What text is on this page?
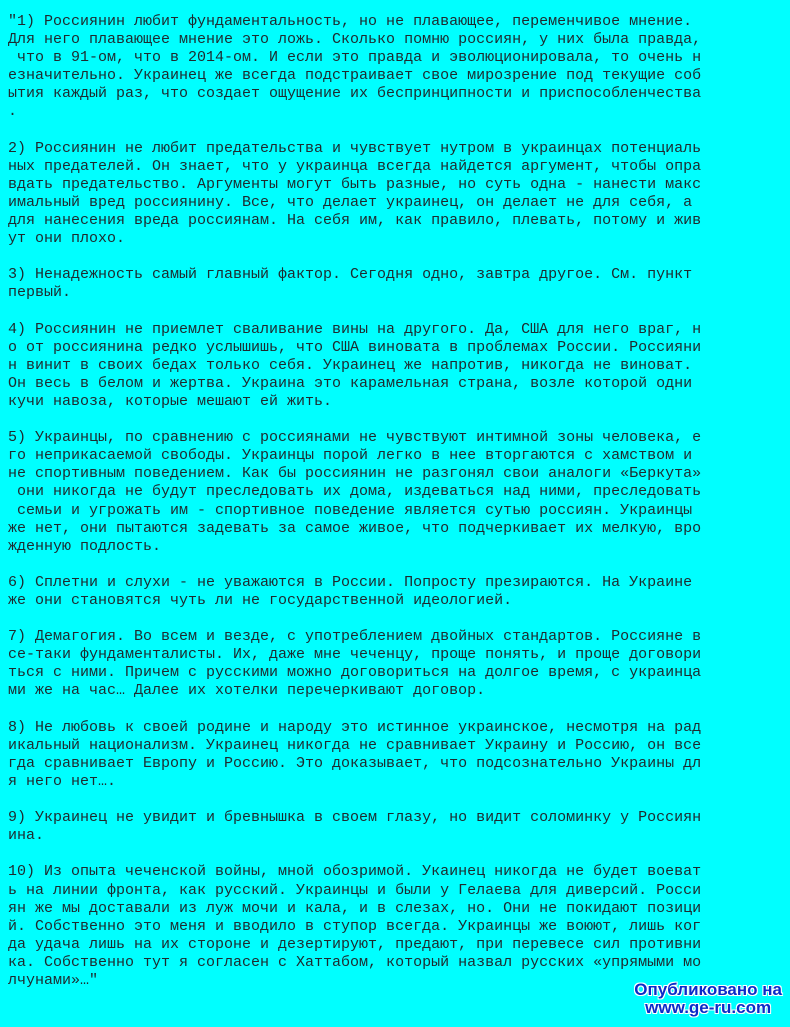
"1) Россиянин любит фундаментальность, но не плавающее, переменчивое мнение.
Для него плавающее мнение это ложь. Сколько помню россиян, у них была правда,
что в 91-ом, что в 2014-ом. И если это правда и эволюционировала, то очень н
езначительно. Украинец же всегда подстраивает свое мирозрение под текущие соб
ытия каждый раз, что создает ощущение их беспринципности и приспособленчества
.
2) Россиянин не любит предательства и чувствует нутром в украинцах потенциаль
ных предателей. Он знает, что у украинца всегда найдется аргумент, чтобы опра
вдать предательство. Аргументы могут быть разные, но суть одна - нанести макс
имальный вред россиянину. Все, что делает украинец, он делает не для себя, а
для нанесения вреда россиянам. На себя им, как правило, плевать, потому и жив
ут они плохо.
3) Ненадежность самый главный фактор. Сегодня одно, завтра другое. См. пункт
первый.
4) Россиянин не приемлет сваливание вины на другого. Да, США для него враг, н
о от россиянина редко услышишь, что США виновата в проблемах России. Россияни
н винит в своих бедах только себя. Украинец же напротив, никогда не виноват.
Он весь в белом и жертва. Украина это карамельная страна, возле которой одни
кучи навоза, которые мешают ей жить.
5) Украинцы, по сравнению с россиянами не чувствуют интимной зоны человека, е
го неприкасаемой свободы. Украинцы порой легко в нее вторгаются с хамством и
не спортивным поведением. Как бы россиянин не разгонял свои аналоги «Беркута»
они никогда не будут преследовать их дома, издеваться над ними, преследовать
семьи и угрожать им - спортивное поведение является сутью россиян. Украинцы
же нет, они пытаются задевать за самое живое, что подчеркивает их мелкую, вро
жденную подлость.
6) Сплетни и слухи - не уважаются в России. Попросту презираются. На Украине
же они становятся чуть ли не государственной идеологией.
7) Демагогия. Во всем и везде, с употреблением двойных стандартов. Россияне в
се-таки фундаменталисты. Их, даже мне чеченцу, проще понять, и проще договори
ться с ними. Причем с русскими можно договориться на долгое время, с украинца
ми же на час… Далее их хотелки перечеркивают договор.
8) Не любовь к своей родине и народу это истинное украинское, несмотря на рад
икальный национализм. Украинец никогда не сравнивает Украину и Россию, он все
гда сравнивает Европу и Россию. Это доказывает, что подсознательно Украины дл
я него нет….
9) Украинец не увидит и бревнышка в своем глазу, но видит соломинку у Россиян
ина.
10) Из опыта чеченской войны, мной обозримой. Укаинец никогда не будет воеват
ь на линии фронта, как русский. Украинцы и были у Гелаева для диверсий. Росси
ян же мы доставали из луж мочи и кала, и в слезах, но. Они не покидают позици
й. Собственно это меня и вводило в ступор всегда. Украинцы же воюют, лишь ког
да удача лишь на их стороне и дезертируют, предают, при перевесе сил противни
ка. Собственно тут я согласен с Хаттабом, который назвал русских «упрямыми мо
лчунами»…"	Опубликовано на
www.ge-ru.com
